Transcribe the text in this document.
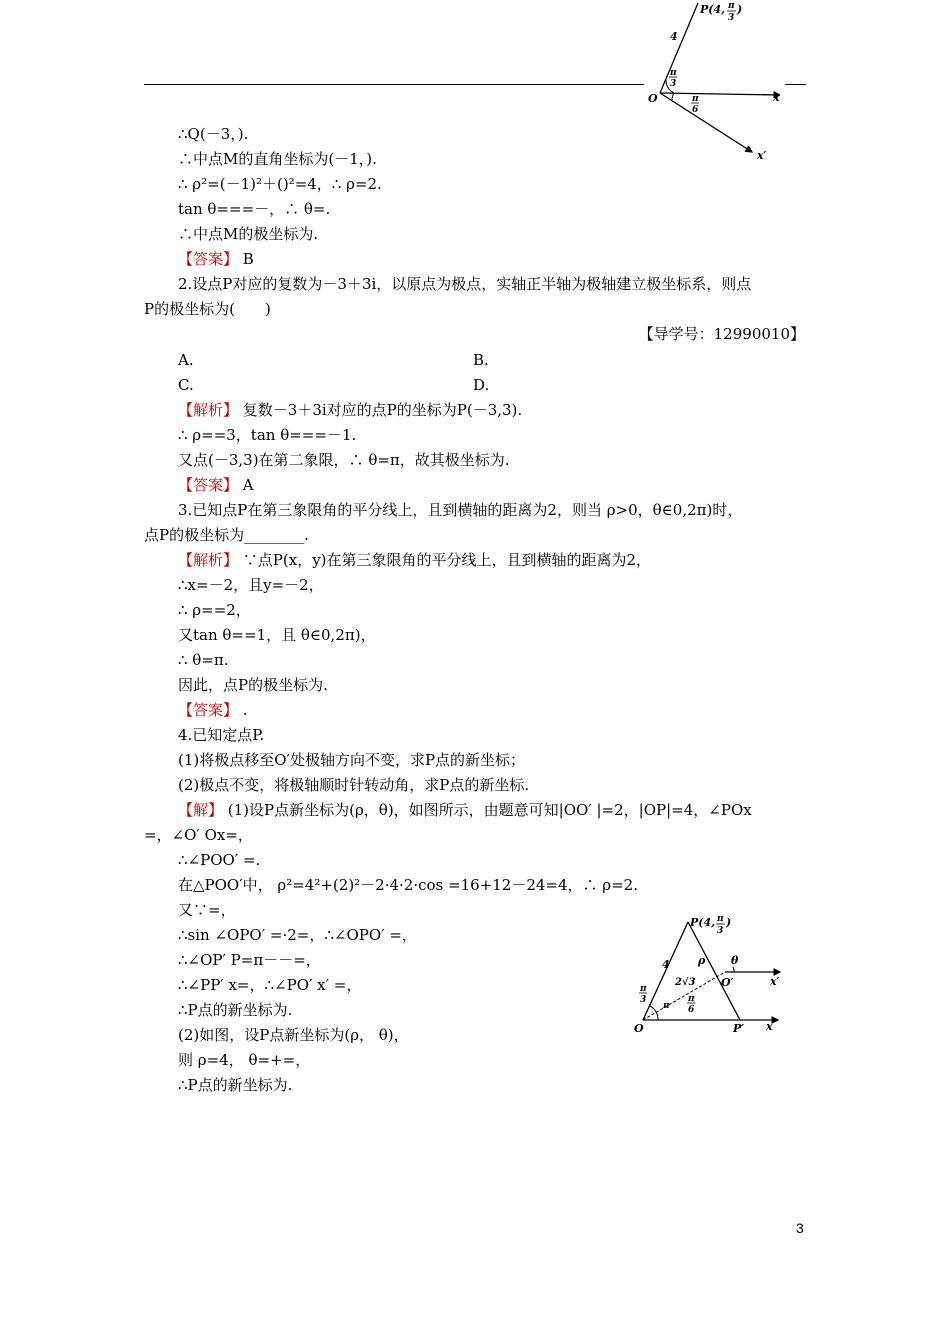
P(4, π
3
)
4
π
3
π
6
O	x
x′
∴Q(－3，).
∴中点M的直角坐标为(－1，).
∴ ρ²=(－1)²＋()²=4，∴ ρ=2.
tan θ===－，∴ θ=.
∴中点M的极坐标为.
【答案】 B
2.设点P对应的复数为－3＋3i，以原点为极点，实轴正半轴为极轴建立极坐标系，则点
P的极坐标为(　　)
【导学号：12990010】
A.	B.
C.	D.
【解析】 复数－3＋3i对应的点P的坐标为P(－3,3).
∴ ρ==3，tan θ===－1.
又点(－3,3)在第二象限，∴ θ=π，故其极坐标为.
【答案】 A
3.已知点P在第三象限角的平分线上，且到横轴的距离为2，则当 ρ>0，θ∈0,2π)时，
点P的极坐标为________.
【解析】 ∵点P(x，y)在第三象限角的平分线上，且到横轴的距离为2，
∴x=－2，且y=－2，
∴ ρ==2，
又tan θ==1，且 θ∈0,2π)，
∴ θ=π.
因此，点P的极坐标为.
【答案】 .
4.已知定点P.
(1)将极点移至O′处极轴方向不变，求P点的新坐标；
(2)极点不变，将极轴顺时针转动角，求P点的新坐标.
【解】 (1)设P点新坐标为(ρ，θ)，如图所示，由题意可知|OO′ |=2，|OP|=4，∠POx
=，∠O′ Ox=，
∴∠POO′ =.
在△POO′中， ρ²=4²+(2)²－2·4·2·cos =16+12－24=4，∴ ρ=2.
又∵=，
∴sin ∠OPO′ =·2=，∴∠OPO′ =，
∴∠OP′ P=π－－=，
∴∠PP′ x=，∴∠PO′ x′ =，
∴P点的新坐标为.
(2)如图，设P点新坐标为(ρ， θ)，
则 ρ=4， θ=+=，
∴P点的新坐标为.
P(4, π
3
)
4	ρ θ
2√3 O′	x′
π
3
π
π
6
O	P′ x
3
